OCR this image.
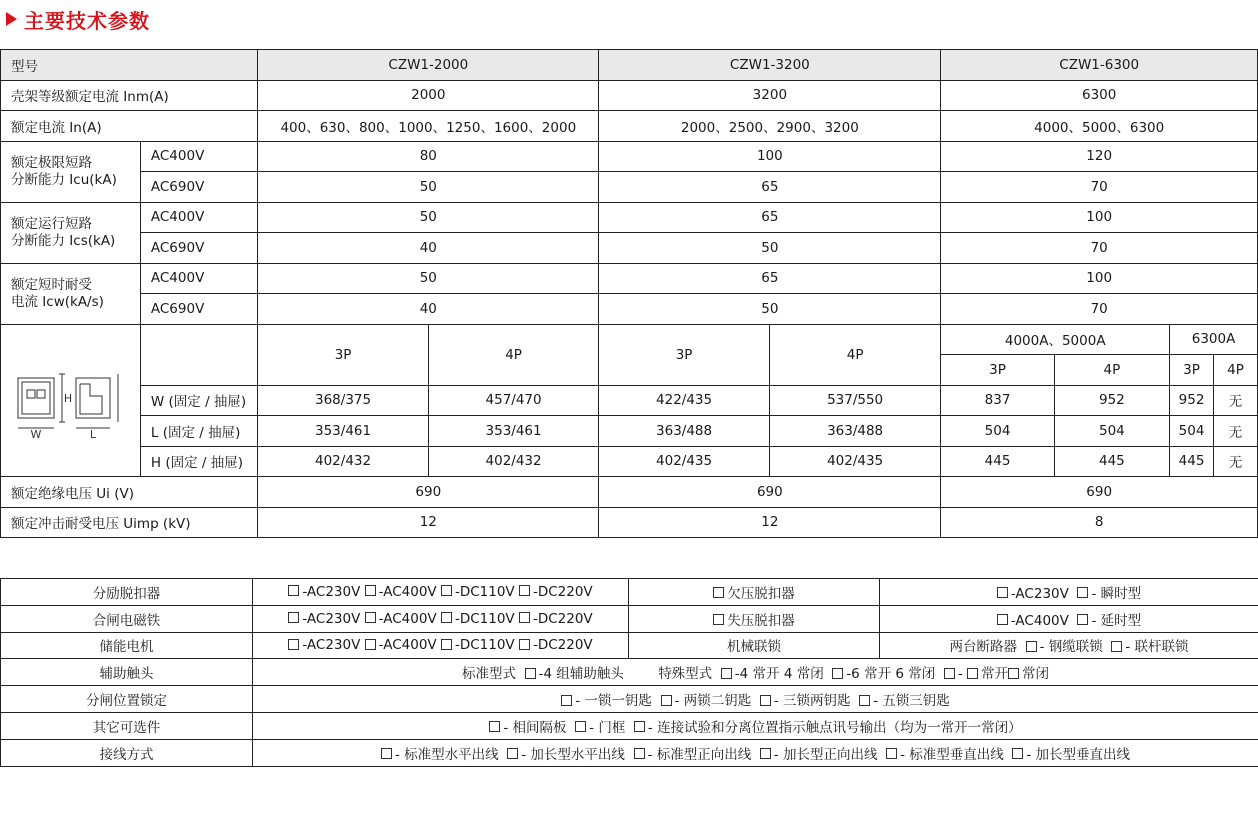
主要技术参数
型号		CZW1-2000		CZW1-3200		CZW1-6300			
壳架等级额定电流 Inm(A)		2000		3200		6300			
额定电流 In(A)		400、630、800、1000、1250、1600、2000		2000、2500、2900、3200		4000、5000、6300			
额定极限短路
分断能力 Icu(kA)	AC400V	80		100		120			
	AC690V	50		65		70			
额定运行短路
分断能力 Ics(kA)	AC400V	50		65		100			
	AC690V	40		50		70			
额定短时耐受
电流 Icw(kA/s)	AC400V	50		65		100			
	AC690V	40		50		70			

W L
H		3P	4P	3P	4P	4000A、5000A		6300A	
						3P	4P	3P	4P
	W (固定 / 抽屉)	368/375	457/470	422/435	537/550	837	952	952	无
	L (固定 / 抽屉)	353/461	353/461	363/488	363/488	504	504	504	无
	H (固定 / 抽屉)	402/432	402/432	402/435	402/435	445	445	445	无
额定绝缘电压 Ui (V)		690		690		690			
额定冲击耐受电压 Uimp (kV)		12		12		8			
分励脱扣器	-AC230V -AC400V -DC110V -DC220V	欠压脱扣器	-AC230V - 瞬时型
合闸电磁铁	-AC230V -AC400V -DC110V -DC220V	失压脱扣器	-AC400V - 延时型
储能电机	-AC230V -AC400V -DC110V -DC220V	机械联锁	两台断路器 - 钢缆联锁 - 联杆联锁
辅助触头	标准型式 -4 组辅助触头 特殊型式 -4 常开 4 常闭 -6 常开 6 常闭 - 常开 常闭		
分闸位置锁定	- 一锁一钥匙 - 两锁二钥匙 - 三锁两钥匙 - 五锁三钥匙		
其它可选件	- 相间隔板 - 门框 - 连接试验和分离位置指示触点讯号输出（均为一常开一常闭）		
接线方式	- 标准型水平出线 - 加长型水平出线 - 标准型正向出线 - 加长型正向出线 - 标准型垂直出线 - 加长型垂直出线		
